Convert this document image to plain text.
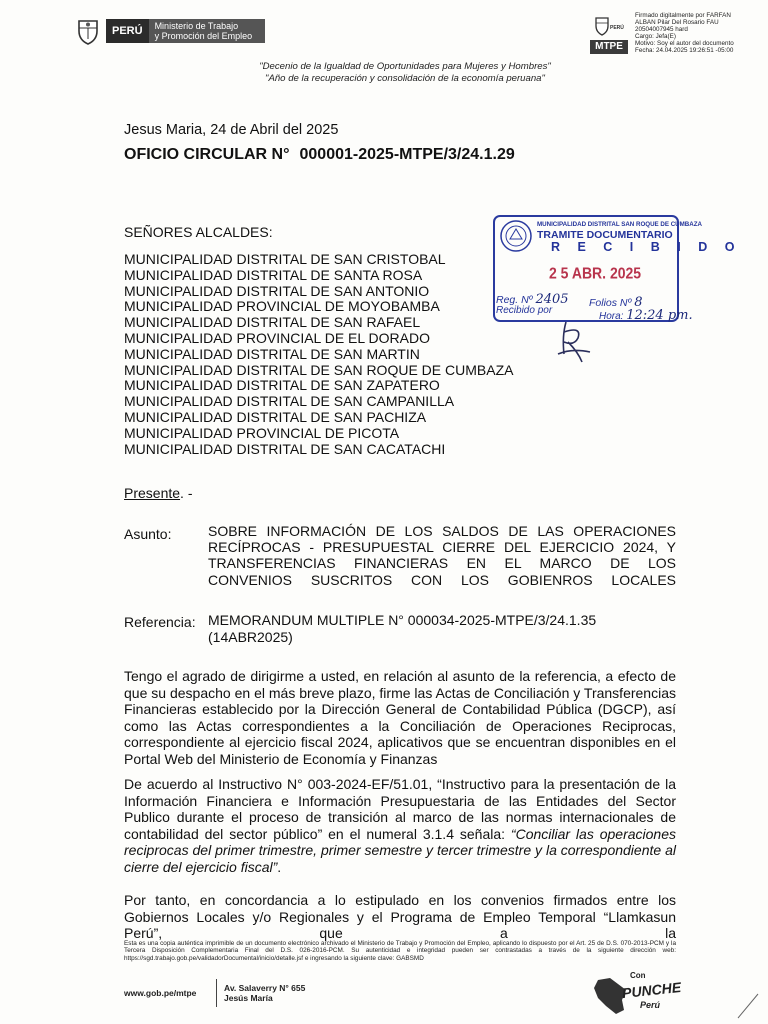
PERÚ	Ministerio de Trabajo
y Promoción del Empleo
PERÚ
MTPE
Firmado digitalmente por FARFAN
ALBAN Pilar Del Rosario FAU
20504007945 hard
Cargo: Jefa(E)
Motivo: Soy el autor del documento
Fecha: 24.04.2025 19:26:51 -05:00
"Decenio de la Igualdad de Oportunidades para Mujeres y Hombres"
"Año de la recuperación y consolidación de la economía peruana"
Jesus Maria, 24 de Abril del 2025
OFICIO CIRCULAR N° 000001-2025-MTPE/3/24.1.29
SEÑORES ALCALDES:
MUNICIPALIDAD DISTRITAL DE SAN CRISTOBAL
MUNICIPALIDAD DISTRITAL DE SANTA ROSA
MUNICIPALIDAD DISTRITAL DE SAN ANTONIO
MUNICIPALIDAD PROVINCIAL DE MOYOBAMBA
MUNICIPALIDAD DISTRITAL DE SAN RAFAEL
MUNICIPALIDAD PROVINCIAL DE EL DORADO
MUNICIPALIDAD DISTRITAL DE SAN MARTIN
MUNICIPALIDAD DISTRITAL DE SAN ROQUE DE CUMBAZA
MUNICIPALIDAD DISTRITAL DE SAN ZAPATERO
MUNICIPALIDAD DISTRITAL DE SAN CAMPANILLA
MUNICIPALIDAD DISTRITAL DE SAN PACHIZA
MUNICIPALIDAD PROVINCIAL DE PICOTA
MUNICIPALIDAD DISTRITAL DE SAN CACATACHI
MUNICIPALIDAD DISTRITAL SAN ROQUE DE CUMBAZA
TRAMITE DOCUMENTARIO
R E C I B I D O
2 5 ABR. 2025
Reg. Nº 2405 Folios Nº 8
Recibido por
Hora: 12:24 pm.
Presente. -
Asunto:	SOBRE INFORMACIÓN DE LOS SALDOS DE LAS OPERACIONES RECÍPROCAS - PRESUPUESTAL CIERRE DEL EJERCICIO 2024, Y TRANSFERENCIAS FINANCIERAS EN EL MARCO DE LOS CONVENIOS SUSCRITOS CON LOS GOBIENROS LOCALES
Referencia: MEMORANDUM MULTIPLE N° 000034-2025-MTPE/3/24.1.35
(14ABR2025)
Tengo el agrado de dirigirme a usted, en relación al asunto de la referencia, a efecto de que su despacho en el más breve plazo, firme las Actas de Conciliación y Transferencias Financieras establecido por la Dirección General de Contabilidad Pública (DGCP), así como las Actas correspondientes a la Conciliación de Operaciones Reciprocas, correspondiente al ejercicio fiscal 2024, aplicativos que se encuentran disponibles en el Portal Web del Ministerio de Economía y Finanzas
De acuerdo al Instructivo N° 003-2024-EF/51.01, “Instructivo para la presentación de la Información Financiera e Información Presupuestaria de las Entidades del Sector Publico durante el proceso de transición al marco de las normas internacionales de contabilidad del sector público” en el numeral 3.1.4 señala: “Conciliar las operaciones reciprocas del primer trimestre, primer semestre y tercer trimestre y la correspondiente al cierre del ejercicio fiscal”.
Por tanto, en concordancia a lo estipulado en los convenios firmados entre los Gobiernos Locales y/o Regionales y el Programa de Empleo Temporal “Llamkasun Perú”, que a la
Esta es una copia auténtica imprimible de un documento electrónico archivado el Ministerio de Trabajo y Promoción del Empleo, aplicando lo dispuesto por el Art. 25 de D.S. 070-2013-PCM y la Tercera Disposición Complementaria Final del D.S. 026-2016-PCM. Su autenticidad e integridad pueden ser contrastadas a través de la siguiente dirección web: https://sgd.trabajo.gob.pe/validadorDocumental/inicio/detalle.jsf e ingresando la siguiente clave: GABSMD
www.gob.pe/mtpe	Av. Salaverry N° 655
Jesús María
Con
PUNCHE
Perú
